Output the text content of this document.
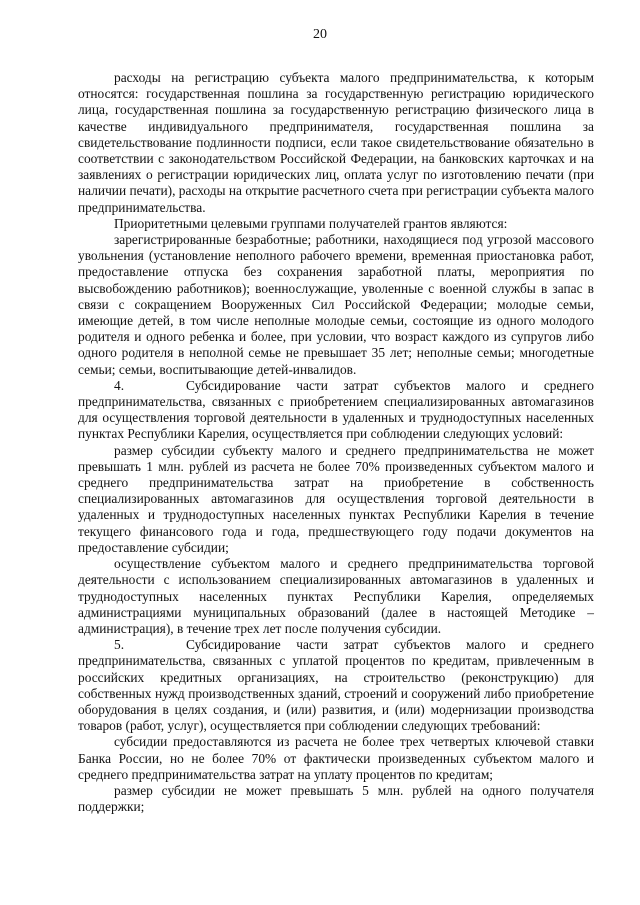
20

расходы на регистрацию субъекта малого предпринимательства, к которым относятся: государственная пошлина за государственную регистрацию юридического лица, государственная пошлина за государственную регистрацию физического лица в качестве индивидуального предпринимателя, государственная пошлина за свидетельствование подлинности подписи, если такое свидетельствование обязательно в соответствии с законодательством Российской Федерации, на банковских карточках и на заявлениях о регистрации юридических лиц, оплата услуг по изготовлению печати (при наличии печати), расходы на открытие расчетного счета при регистрации субъекта малого предпринимательства.

Приоритетными целевыми группами получателей грантов являются:

зарегистрированные безработные; работники, находящиеся под угрозой массового увольнения (установление неполного рабочего времени, временная приостановка работ, предоставление отпуска без сохранения заработной платы, мероприятия по высвобождению работников); военнослужащие, уволенные с военной службы в запас в связи с сокращением Вооруженных Сил Российской Федерации; молодые семьи, имеющие детей, в том числе неполные молодые семьи, состоящие из одного молодого родителя и одного ребенка и более, при условии, что возраст каждого из супругов либо одного родителя в неполной семье не превышает 35 лет; неполные семьи; многодетные семьи; семьи, воспитывающие детей-инвалидов.

4.    Субсидирование части затрат субъектов малого и среднего предпринимательства, связанных с приобретением специализированных автомагазинов для осуществления торговой деятельности в удаленных и труднодоступных населенных пунктах Республики Карелия, осуществляется при соблюдении следующих условий:

размер субсидии субъекту малого и среднего предпринимательства не может превышать 1 млн. рублей из расчета не более 70% произведенных субъектом малого и среднего предпринимательства затрат на приобретение в собственность специализированных автомагазинов для осуществления торговой деятельности в удаленных и труднодоступных населенных пунктах Республики Карелия в течение текущего финансового года и года, предшествующего году подачи документов на предоставление субсидии;

осуществление субъектом малого и среднего предпринимательства торговой деятельности с использованием специализированных автомагазинов в удаленных и труднодоступных населенных пунктах Республики Карелия, определяемых администрациями муниципальных образований (далее в настоящей Методике – администрация), в течение трех лет после получения субсидии.

5.    Субсидирование части затрат субъектов малого и среднего предпринимательства, связанных с уплатой процентов по кредитам, привлеченным в российских кредитных организациях, на строительство (реконструкцию) для собственных нужд производственных зданий, строений и сооружений либо приобретение оборудования в целях создания, и (или) развития, и (или) модернизации производства товаров (работ, услуг), осуществляется при соблюдении следующих требований:

субсидии предоставляются из расчета не более трех четвертых ключевой ставки Банка России, но не более 70% от фактически произведенных субъектом малого и среднего предпринимательства затрат на уплату процентов по кредитам;

размер субсидии не может превышать 5 млн. рублей на одного получателя поддержки;
